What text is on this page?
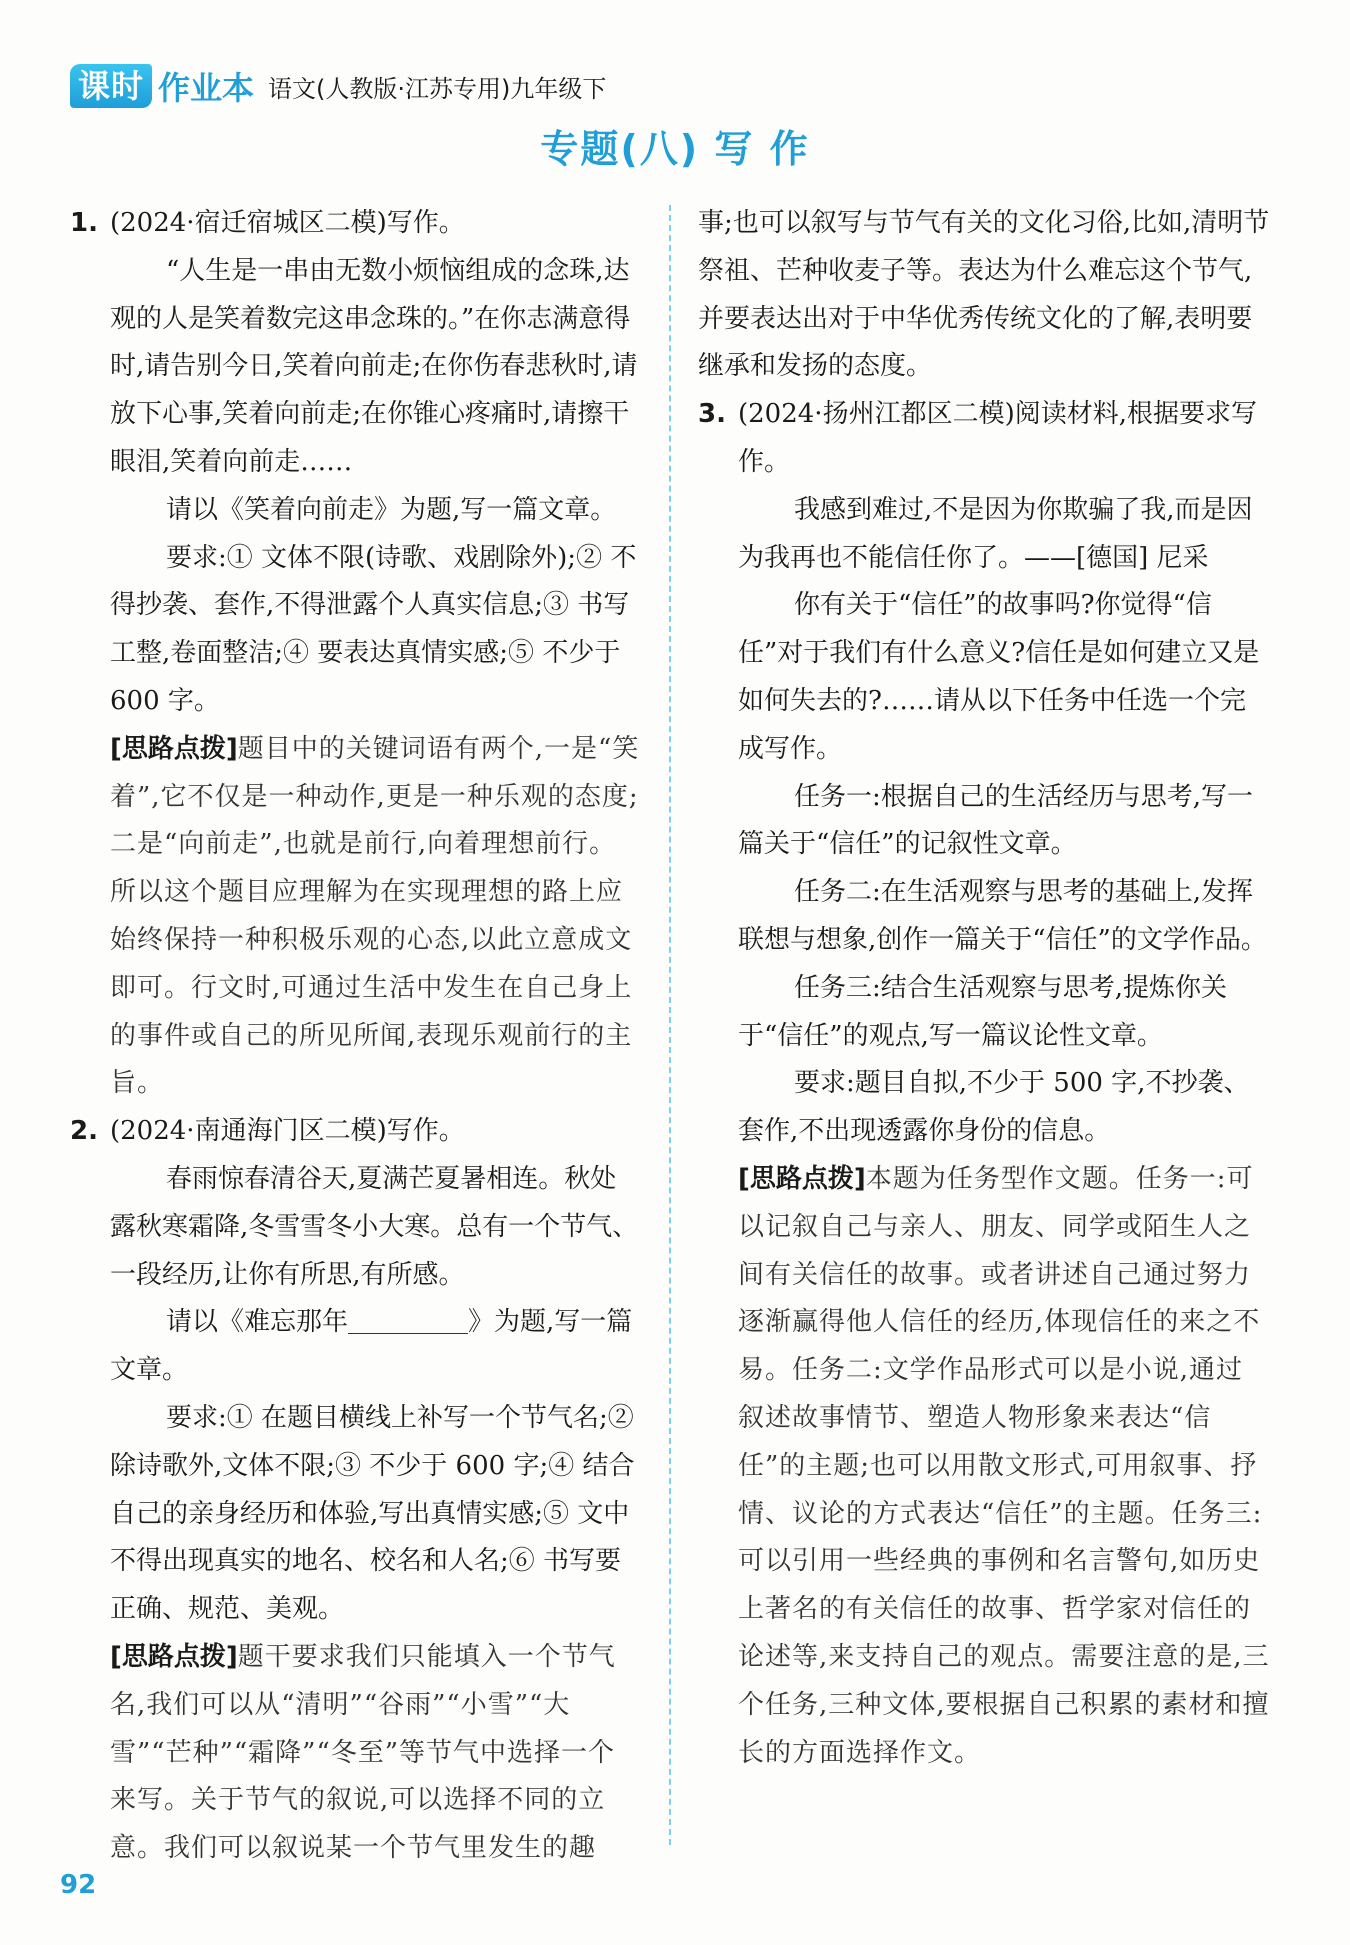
课时 作业本 语文(人教版·江苏专用)九年级下
专题(八) 写 作

1. (2024·宿迁宿城区二模)写作。

“人生是一串由无数小烦恼组成的念珠,达观的人是笑着数完这串念珠的。”在你志满意得时,请告别今日,笑着向前走;在你伤春悲秋时,请放下心事,笑着向前走;在你锥心疼痛时,请擦干眼泪,笑着向前走……

请以《笑着向前走》为题,写一篇文章。

要求:① 文体不限(诗歌、戏剧除外);② 不得抄袭、套作,不得泄露个人真实信息;③ 书写工整,卷面整洁;④ 要表达真情实感;⑤ 不少于 600 字。

[思路点拨]题目中的关键词语有两个,一是“笑着”,它不仅是一种动作,更是一种乐观的态度;二是“向前走”,也就是前行,向着理想前行。所以这个题目应理解为在实现理想的路上应始终保持一种积极乐观的心态,以此立意成文即可。行文时,可通过生活中发生在自己身上的事件或自己的所见所闻,表现乐观前行的主旨。

2. (2024·南通海门区二模)写作。

春雨惊春清谷天,夏满芒夏暑相连。秋处露秋寒霜降,冬雪雪冬小大寒。总有一个节气、一段经历,让你有所思,有所感。

请以《难忘那年	》为题,写一篇文章。

要求:① 在题目横线上补写一个节气名;② 除诗歌外,文体不限;③ 不少于 600 字;④ 结合自己的亲身经历和体验,写出真情实感;⑤ 文中不得出现真实的地名、校名和人名;⑥ 书写要正确、规范、美观。

[思路点拨]题干要求我们只能填入一个节气名,我们可以从“清明”“谷雨”“小雪”“大雪”“芒种”“霜降”“冬至”等节气中选择一个来写。关于节气的叙说,可以选择不同的立意。我们可以叙说某一个节气里发生的趣

事;也可以叙写与节气有关的文化习俗,比如,清明节祭祖、芒种收麦子等。表达为什么难忘这个节气,并要表达出对于中华优秀传统文化的了解,表明要继承和发扬的态度。

3. (2024·扬州江都区二模)阅读材料,根据要求写作。

我感到难过,不是因为你欺骗了我,而是因为我再也不能信任你了。——[德国] 尼采

你有关于“信任”的故事吗?你觉得“信任”对于我们有什么意义?信任是如何建立又是如何失去的?……请从以下任务中任选一个完成写作。

任务一:根据自己的生活经历与思考,写一篇关于“信任”的记叙性文章。

任务二:在生活观察与思考的基础上,发挥联想与想象,创作一篇关于“信任”的文学作品。

任务三:结合生活观察与思考,提炼你关于“信任”的观点,写一篇议论性文章。

要求:题目自拟,不少于 500 字,不抄袭、套作,不出现透露你身份的信息。

[思路点拨]本题为任务型作文题。任务一:可以记叙自己与亲人、朋友、同学或陌生人之间有关信任的故事。或者讲述自己通过努力逐渐赢得他人信任的经历,体现信任的来之不易。任务二:文学作品形式可以是小说,通过叙述故事情节、塑造人物形象来表达“信任”的主题;也可以用散文形式,可用叙事、抒情、议论的方式表达“信任”的主题。任务三:可以引用一些经典的事例和名言警句,如历史上著名的有关信任的故事、哲学家对信任的论述等,来支持自己的观点。需要注意的是,三个任务,三种文体,要根据自己积累的素材和擅长的方面选择作文。

92
